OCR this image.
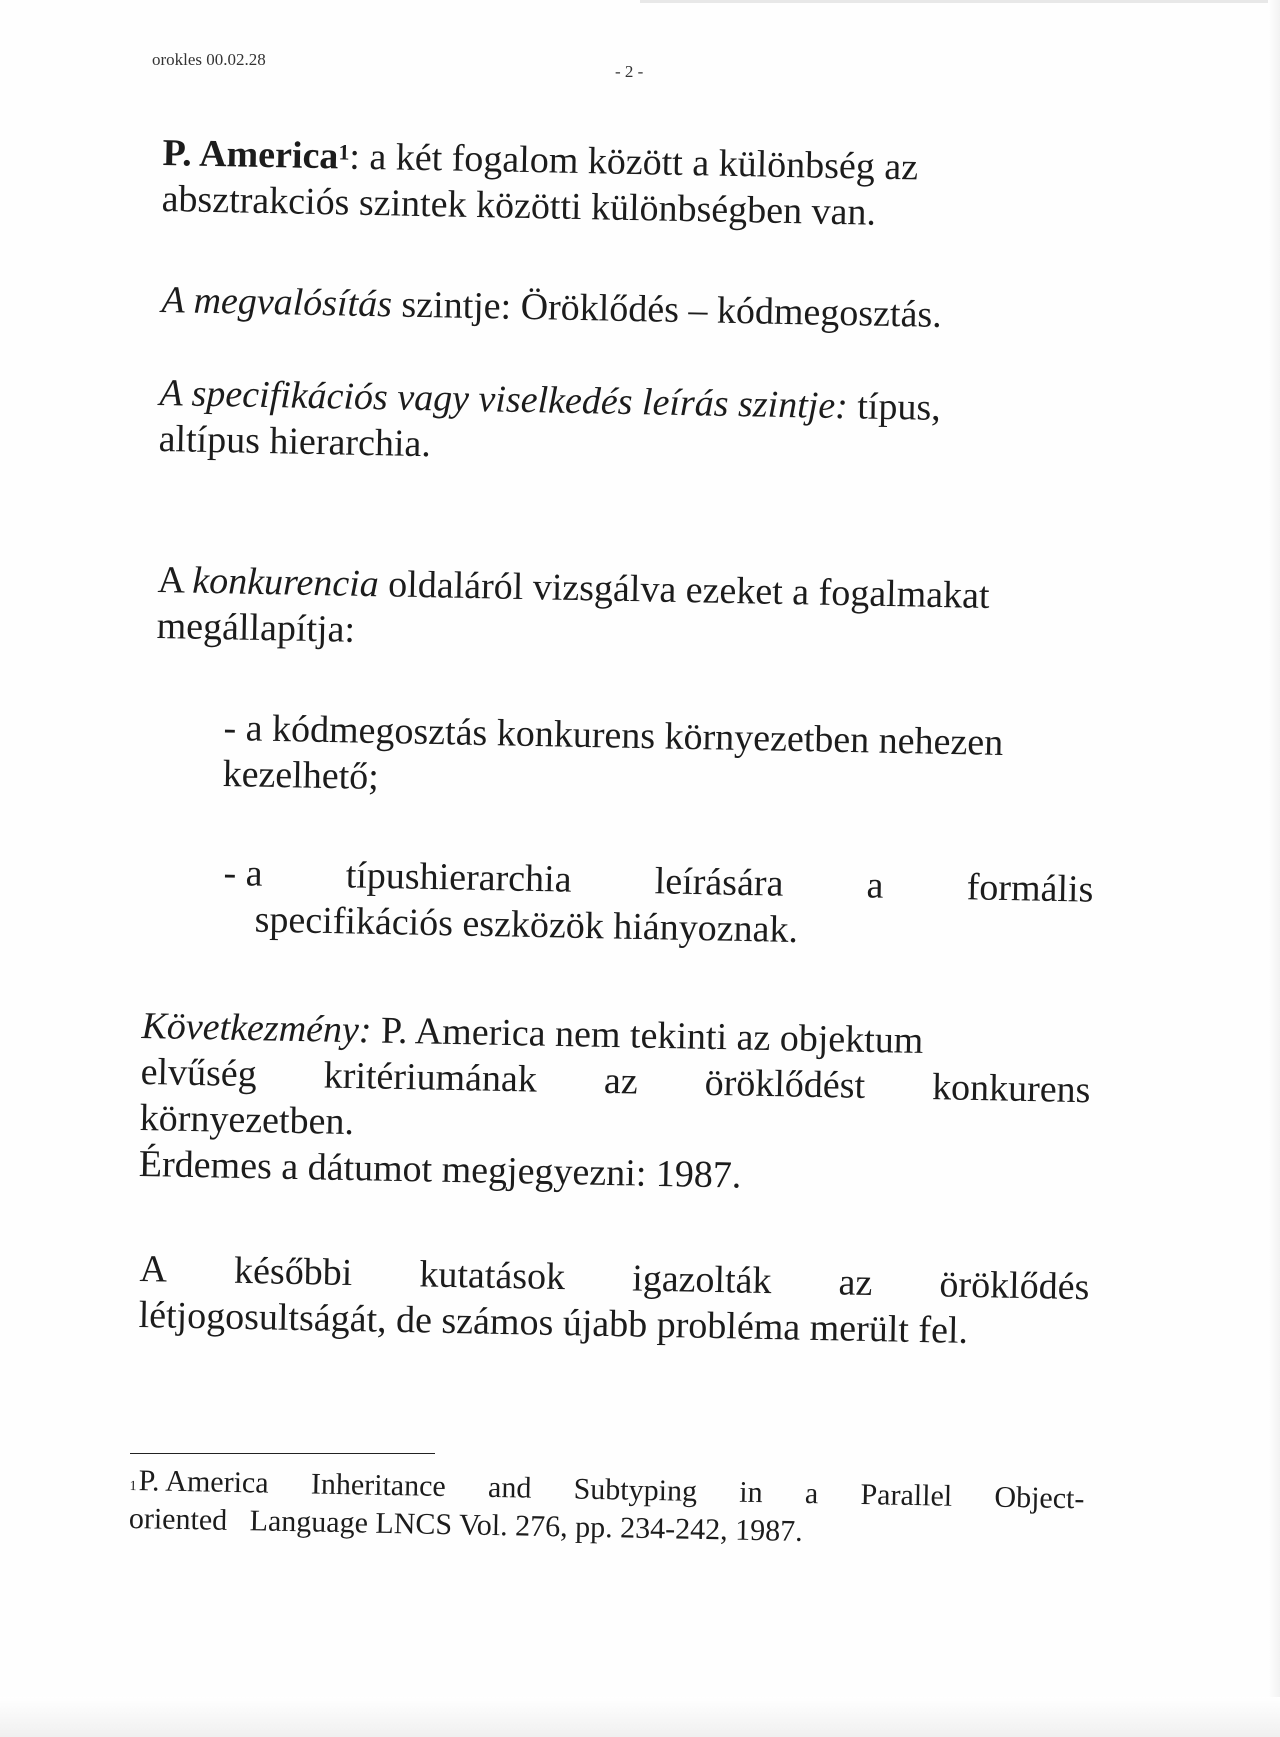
orokles 00.02.28
- 2 -
P. America$^1$: a két fogalom között a különbség az
absztrakciós szintek közötti különbségben van.
A megvalósítás szintje: Öröklődés – kódmegosztás.
A specifikációs vagy viselkedés leírás szintje: típus,
altípus hierarchia.
A konkurencia oldaláról vizsgálva ezeket a fogalmakat
megállapítja:
- a kódmegosztás konkurens környezetben nehezen
kezelhető;
- a típushierarchia leírására a formális
specifikációs eszközök hiányoznak.
Következmény: P. America nem tekinti az objektum
elvűség kritériumának az öröklődést konkurens
környezetben.
Érdemes a dátumot megjegyezni: 1987.
A későbbi kutatások igazolták az öröklődés
létjogosultságát, de számos újabb probléma merült fel.
$^1$P. America Inheritance and Subtyping in a Parallel Object-
oriented   Language LNCS Vol. 276, pp. 234-242, 1987.
